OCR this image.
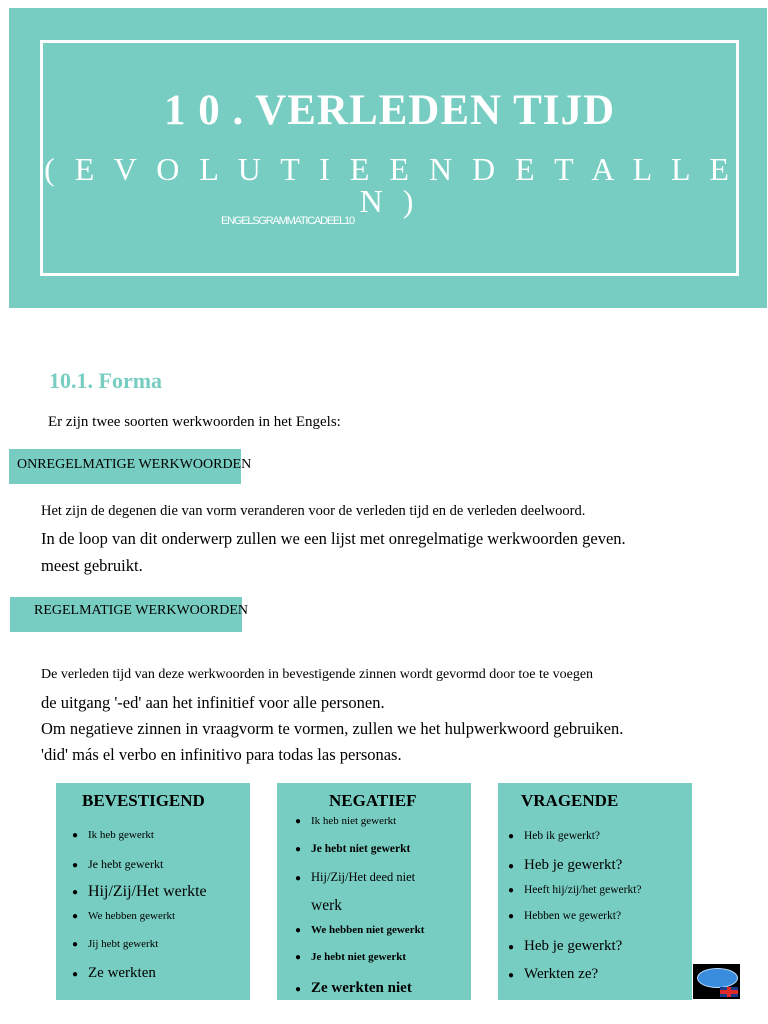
1 0 . VERLEDEN TIJD
( E V O L U T I E E N D E T A L L E N )
ENGELSGRAMMATICADEEL10
10.1. Forma
Er zijn twee soorten werkwoorden in het Engels:
ONREGELMATIGE WERKWOORDEN
Het zijn de degenen die van vorm veranderen voor de verleden tijd en de verleden deelwoord.
In de loop van dit onderwerp zullen we een lijst met onregelmatige werkwoorden geven.
meest gebruikt.
REGELMATIGE WERKWOORDEN
De verleden tijd van deze werkwoorden in bevestigende zinnen wordt gevormd door toe te voegen
de uitgang '-ed' aan het infinitief voor alle personen.
Om negatieve zinnen in vraagvorm te vormen, zullen we het hulpwerkwoord gebruiken.
'did' más el verbo en infinitivo para todas las personas.
BEVESTIGEND
● Ik heb gewerkt
● Je hebt gewerkt
● Hij/Zij/Het werkte
● We hebben gewerkt
● Jij hebt gewerkt
● Ze werkten
NEGATIEF
● Ik heb niet gewerkt
● Je hebt niet gewerkt
● Hij/Zij/Het deed niet
werk
● We hebben niet gewerkt
● Je hebt niet gewerkt
● Ze werkten niet
VRAGENDE
● Heb ik gewerkt?
● Heb je gewerkt?
● Heeft hij/zij/het gewerkt?
● Hebben we gewerkt?
● Heb je gewerkt?
● Werkten ze?
